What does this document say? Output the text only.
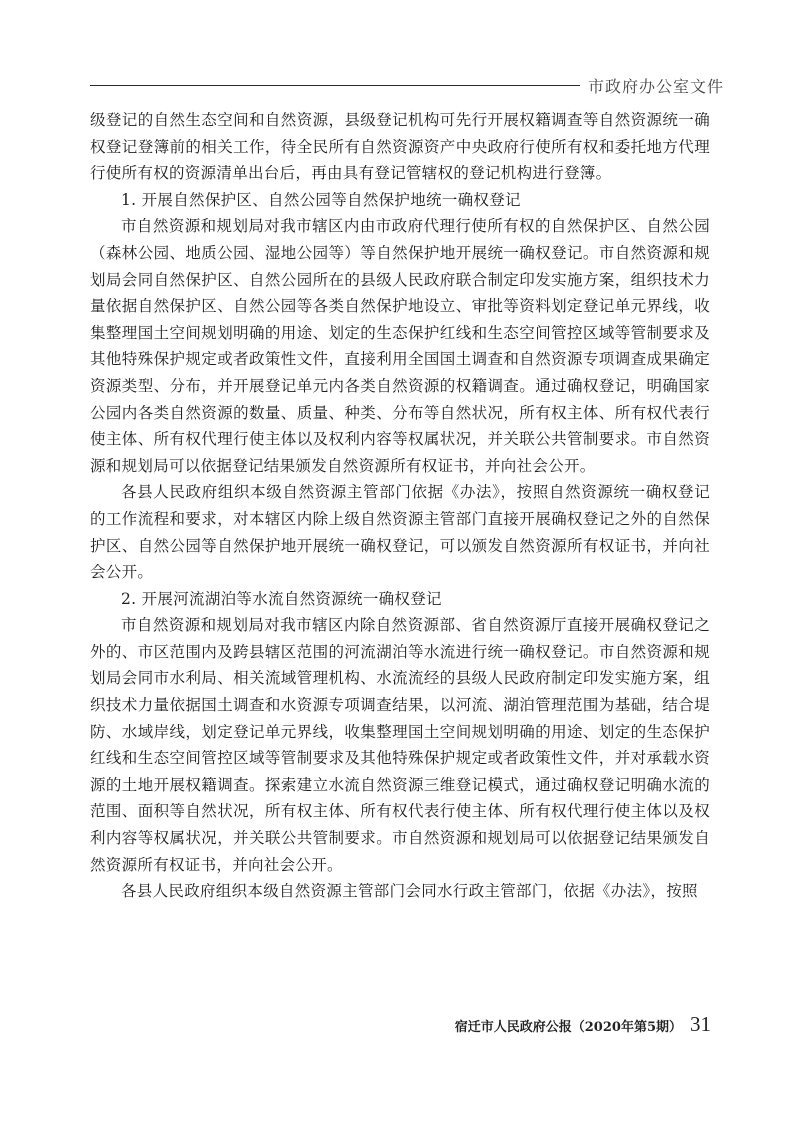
市政府办公室文件

级登记的自然生态空间和自然资源，县级登记机构可先行开展权籍调查等自然资源统一确权登记登簿前的相关工作，待全民所有自然资源资产中央政府行使所有权和委托地方代理行使所有权的资源清单出台后，再由具有登记管辖权的登记机构进行登簿。

1. 开展自然保护区、自然公园等自然保护地统一确权登记

市自然资源和规划局对我市辖区内由市政府代理行使所有权的自然保护区、自然公园（森林公园、地质公园、湿地公园等）等自然保护地开展统一确权登记。市自然资源和规划局会同自然保护区、自然公园所在的县级人民政府联合制定印发实施方案，组织技术力量依据自然保护区、自然公园等各类自然保护地设立、审批等资料划定登记单元界线，收集整理国土空间规划明确的用途、划定的生态保护红线和生态空间管控区域等管制要求及其他特殊保护规定或者政策性文件，直接利用全国国土调查和自然资源专项调查成果确定资源类型、分布，并开展登记单元内各类自然资源的权籍调查。通过确权登记，明确国家公园内各类自然资源的数量、质量、种类、分布等自然状况，所有权主体、所有权代表行使主体、所有权代理行使主体以及权利内容等权属状况，并关联公共管制要求。市自然资源和规划局可以依据登记结果颁发自然资源所有权证书，并向社会公开。

各县人民政府组织本级自然资源主管部门依据《办法》，按照自然资源统一确权登记的工作流程和要求，对本辖区内除上级自然资源主管部门直接开展确权登记之外的自然保护区、自然公园等自然保护地开展统一确权登记，可以颁发自然资源所有权证书，并向社会公开。

2. 开展河流湖泊等水流自然资源统一确权登记

市自然资源和规划局对我市辖区内除自然资源部、省自然资源厅直接开展确权登记之外的、市区范围内及跨县辖区范围的河流湖泊等水流进行统一确权登记。市自然资源和规划局会同市水利局、相关流域管理机构、水流流经的县级人民政府制定印发实施方案，组织技术力量依据国土调查和水资源专项调查结果，以河流、湖泊管理范围为基础，结合堤防、水域岸线，划定登记单元界线，收集整理国土空间规划明确的用途、划定的生态保护红线和生态空间管控区域等管制要求及其他特殊保护规定或者政策性文件，并对承载水资源的土地开展权籍调查。探索建立水流自然资源三维登记模式，通过确权登记明确水流的范围、面积等自然状况，所有权主体、所有权代表行使主体、所有权代理行使主体以及权利内容等权属状况，并关联公共管制要求。市自然资源和规划局可以依据登记结果颁发自然资源所有权证书，并向社会公开。

各县人民政府组织本级自然资源主管部门会同水行政主管部门，依据《办法》，按照

宿迁市人民政府公报（2020年第5期） 31
